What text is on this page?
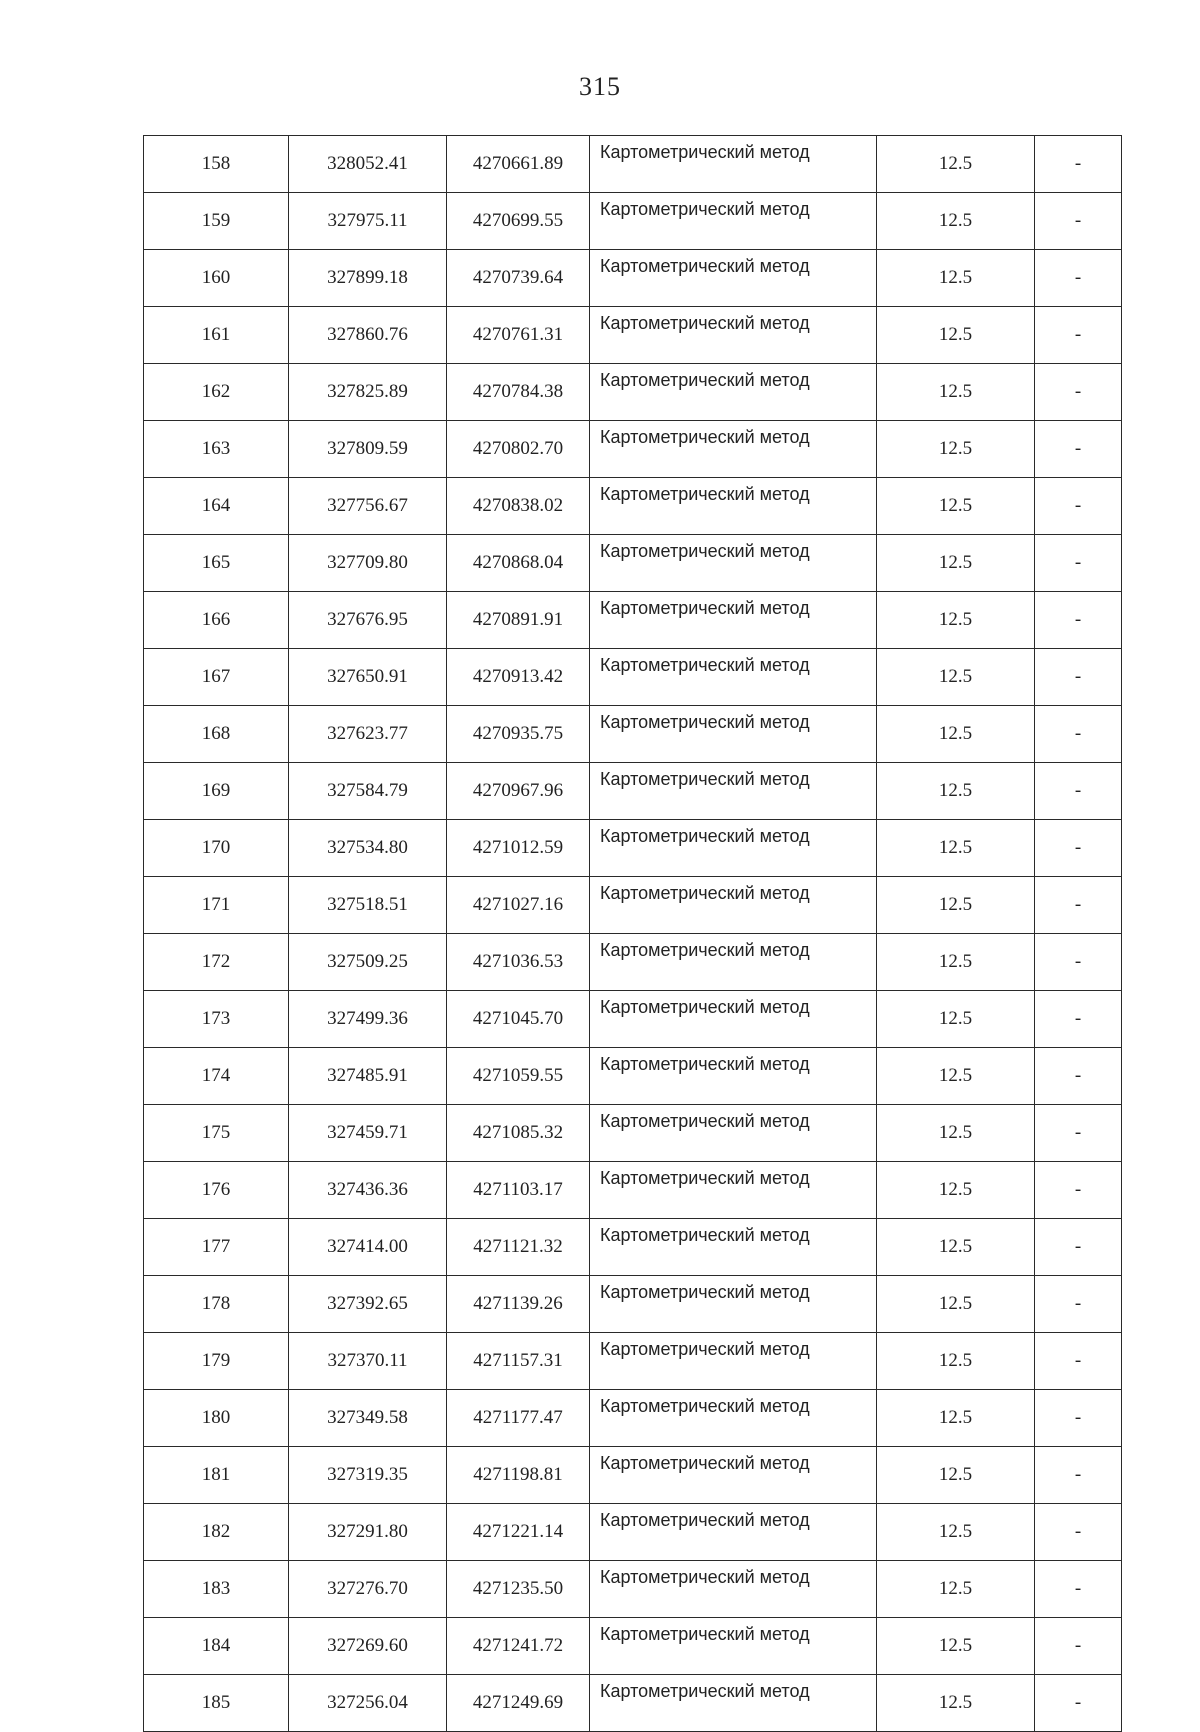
315
158	328052.41	4270661.89	Картометрический метод	12.5	-
159	327975.11	4270699.55	Картометрический метод	12.5	-
160	327899.18	4270739.64	Картометрический метод	12.5	-
161	327860.76	4270761.31	Картометрический метод	12.5	-
162	327825.89	4270784.38	Картометрический метод	12.5	-
163	327809.59	4270802.70	Картометрический метод	12.5	-
164	327756.67	4270838.02	Картометрический метод	12.5	-
165	327709.80	4270868.04	Картометрический метод	12.5	-
166	327676.95	4270891.91	Картометрический метод	12.5	-
167	327650.91	4270913.42	Картометрический метод	12.5	-
168	327623.77	4270935.75	Картометрический метод	12.5	-
169	327584.79	4270967.96	Картометрический метод	12.5	-
170	327534.80	4271012.59	Картометрический метод	12.5	-
171	327518.51	4271027.16	Картометрический метод	12.5	-
172	327509.25	4271036.53	Картометрический метод	12.5	-
173	327499.36	4271045.70	Картометрический метод	12.5	-
174	327485.91	4271059.55	Картометрический метод	12.5	-
175	327459.71	4271085.32	Картометрический метод	12.5	-
176	327436.36	4271103.17	Картометрический метод	12.5	-
177	327414.00	4271121.32	Картометрический метод	12.5	-
178	327392.65	4271139.26	Картометрический метод	12.5	-
179	327370.11	4271157.31	Картометрический метод	12.5	-
180	327349.58	4271177.47	Картометрический метод	12.5	-
181	327319.35	4271198.81	Картометрический метод	12.5	-
182	327291.80	4271221.14	Картометрический метод	12.5	-
183	327276.70	4271235.50	Картометрический метод	12.5	-
184	327269.60	4271241.72	Картометрический метод	12.5	-
185	327256.04	4271249.69	Картометрический метод	12.5	-
